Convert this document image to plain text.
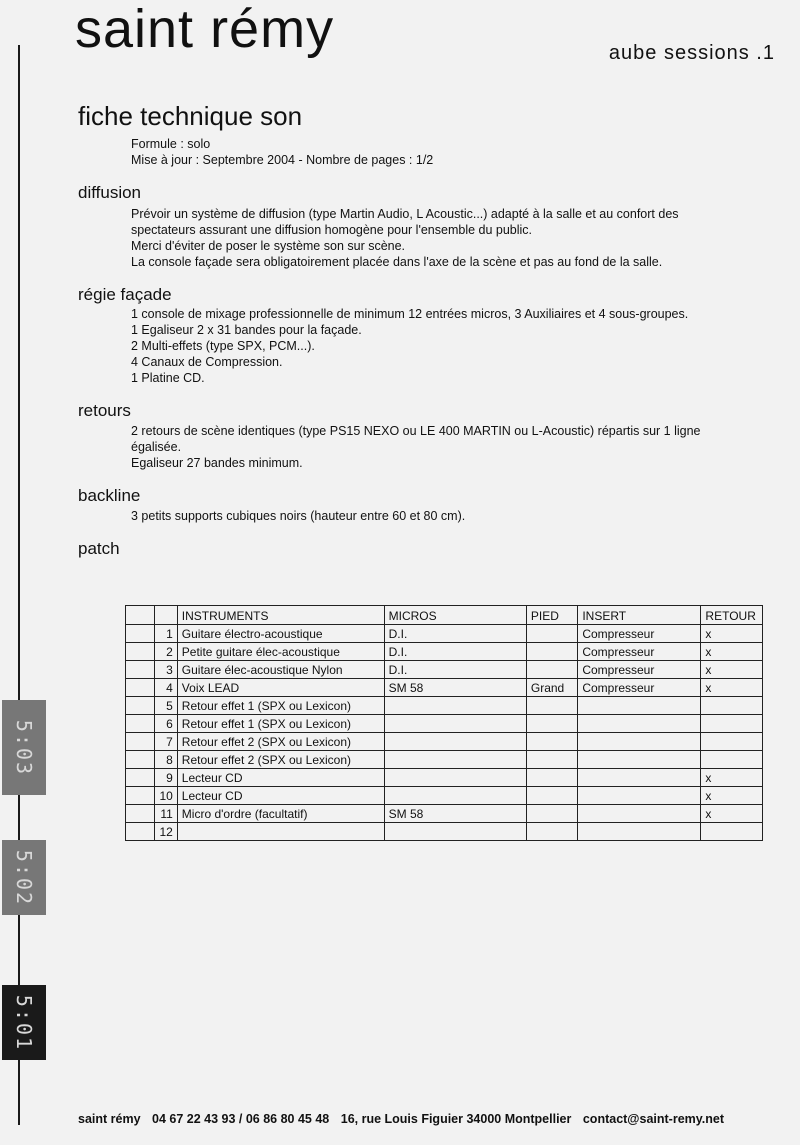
5:03
5:02
5:01
saint rémy	aube sessions .1
fiche technique son
Formule : solo
Mise à jour : Septembre 2004 - Nombre de pages : 1/2
diffusion
Prévoir un système de diffusion (type Martin Audio, L Acoustic...) adapté à la salle et au confort des
spectateurs assurant une diffusion homogène pour l'ensemble du public.
Merci d'éviter de poser le système son sur scène.
La console façade sera obligatoirement placée dans l'axe de la scène et pas au fond de la salle.
régie façade
1 console de mixage professionnelle de minimum 12 entrées micros, 3 Auxiliaires et 4 sous-groupes.
1 Egaliseur 2 x 31 bandes pour la façade.
2 Multi-effets (type SPX, PCM...).
4 Canaux de Compression.
1 Platine CD.
retours
2 retours de scène identiques (type PS15 NEXO ou LE 400 MARTIN ou L-Acoustic) répartis sur 1 ligne
égalisée.
Egaliseur 27 bandes minimum.
backline
3 petits supports cubiques noirs (hauteur entre 60 et 80 cm).
patch
		INSTRUMENTS	MICROS	PIED	INSERT	RETOUR
	1	Guitare électro-acoustique	D.I.		Compresseur	x
	2	Petite guitare élec-acoustique	D.I.		Compresseur	x
	3	Guitare élec-acoustique Nylon	D.I.		Compresseur	x
	4	Voix LEAD	SM 58	Grand	Compresseur	x
	5	Retour effet 1 (SPX ou Lexicon)				
	6	Retour effet 1 (SPX ou Lexicon)				
	7	Retour effet 2 (SPX ou Lexicon)				
	8	Retour effet 2 (SPX ou Lexicon)				
	9	Lecteur CD				x
	10	Lecteur CD				x
	11	Micro d'ordre (facultatif)	SM 58			x
	12					
saint rémy 04 67 22 43 93 / 06 86 80 45 48 16, rue Louis Figuier 34000 Montpellier contact@saint-remy.net
